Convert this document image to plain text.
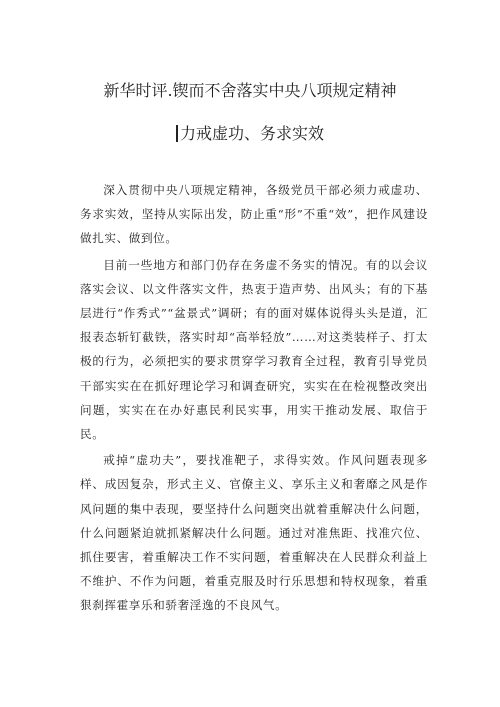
新华时评.锲而不舍落实中央八项规定精神
力戒虚功、务求实效

深入贯彻中央八项规定精神，各级党员干部必须力戒虚功、务求实效，坚持从实际出发，防止重“形”不重“效”，把作风建设做扎实、做到位。

目前一些地方和部门仍存在务虚不务实的情况。有的以会议落实会议、以文件落实文件，热衷于造声势、出风头；有的下基层进行“作秀式”“盆景式”调研；有的面对媒体说得头头是道，汇报表态斩钉截铁，落实时却“高举轻放”……对这类装样子、打太极的行为，必须把实的要求贯穿学习教育全过程，教育引导党员干部实实在在抓好理论学习和调查研究，实实在在检视整改突出问题，实实在在办好惠民利民实事，用实干推动发展、取信于民。

戒掉“虚功夫”，要找准靶子，求得实效。作风问题表现多样、成因复杂，形式主义、官僚主义、享乐主义和奢靡之风是作风问题的集中表现，要坚持什么问题突出就着重解决什么问题，什么问题紧迫就抓紧解决什么问题。通过对准焦距、找准穴位、抓住要害，着重解决工作不实问题，着重解决在人民群众利益上不维护、不作为问题，着重克服及时行乐思想和特权现象，着重狠刹挥霍享乐和骄奢淫逸的不良风气。
